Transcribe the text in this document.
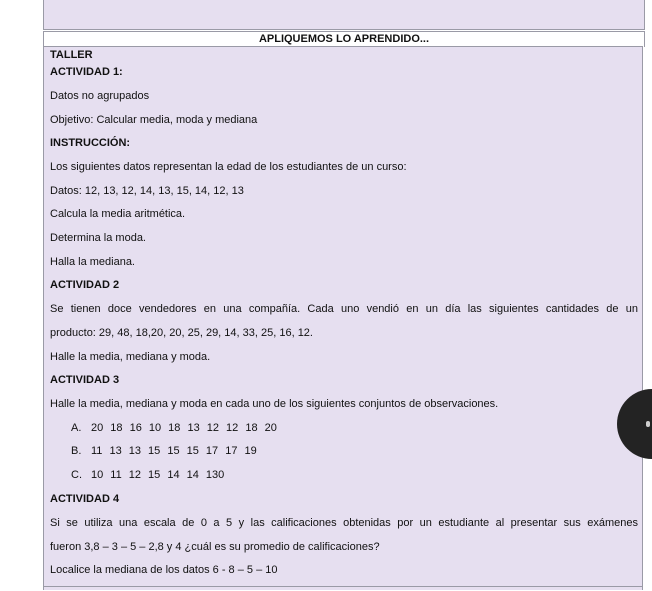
APLIQUEMOS LO APRENDIDO...
TALLER
ACTIVIDAD 1:
Datos no agrupados
Objetivo: Calcular media, moda y mediana
INSTRUCCIÓN:
Los siguientes datos representan la edad de los estudiantes de un curso:
Datos: 12, 13, 12, 14, 13, 15, 14, 12, 13
Calcula la media aritmética.
Determina la moda.
Halla la mediana.
ACTIVIDAD 2
Se tienen doce vendedores en una compañía. Cada uno vendió en un día las siguientes cantidades de un
producto: 29, 48, 18,20, 20, 25, 29, 14, 33, 25, 16, 12.
Halle la media, mediana y moda.
ACTIVIDAD 3
Halle la media, mediana y moda en cada uno de los siguientes conjuntos de observaciones.
A. 20 18 16 10 18 13 12 12 18 20
B. 11 13 13 15 15 15 17 17 19
C. 10 11 12 15 14 14 130
ACTIVIDAD 4
Si se utiliza una escala de 0 a 5 y las calificaciones obtenidas por un estudiante al presentar sus exámenes
fueron 3,8 – 3 – 5 – 2,8 y 4 ¿cuál es su promedio de calificaciones?
Localice la mediana de los datos 6 - 8 – 5 – 10
